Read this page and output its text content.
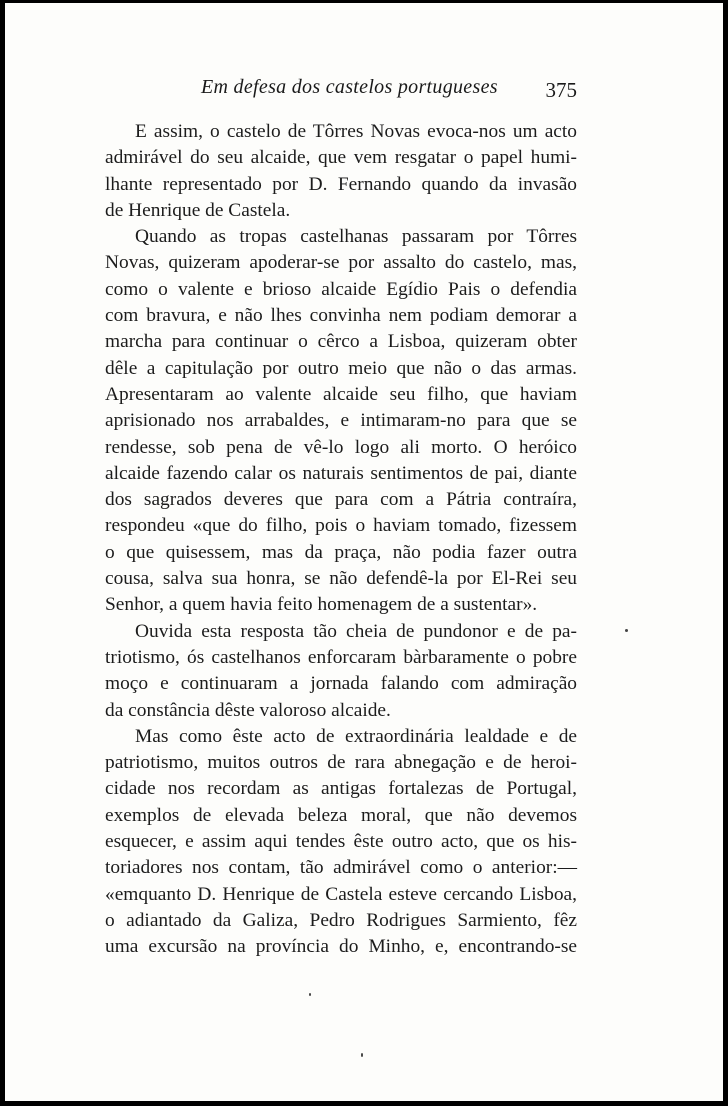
Em defesa dos castelos portugueses 375
E assim, o castelo de Tôrres Novas evoca-nos um acto
admirável do seu alcaide, que vem resgatar o papel humi-
lhante representado por D. Fernando quando da invasão
de Henrique de Castela.
Quando as tropas castelhanas passaram por Tôrres
Novas, quizeram apoderar-se por assalto do castelo, mas,
como o valente e brioso alcaide Egídio Pais o defendia
com bravura, e não lhes convinha nem podiam demorar a
marcha para continuar o cêrco a Lisboa, quizeram obter
dêle a capitulação por outro meio que não o das armas.
Apresentaram ao valente alcaide seu filho, que haviam
aprisionado nos arrabaldes, e intimaram-no para que se
rendesse, sob pena de vê-lo logo ali morto. O heróico
alcaide fazendo calar os naturais sentimentos de pai, diante
dos sagrados deveres que para com a Pátria contraíra,
respondeu «que do filho, pois o haviam tomado, fizessem
o que quisessem, mas da praça, não podia fazer outra
cousa, salva sua honra, se não defendê-la por El-Rei seu
Senhor, a quem havia feito homenagem de a sustentar».
Ouvida esta resposta tão cheia de pundonor e de pa-
triotismo, ós castelhanos enforcaram bàrbaramente o pobre
moço e continuaram a jornada falando com admiração
da constância dêste valoroso alcaide.
Mas como êste acto de extraordinária lealdade e de
patriotismo, muitos outros de rara abnegação e de heroi-
cidade nos recordam as antigas fortalezas de Portugal,
exemplos de elevada beleza moral, que não devemos
esquecer, e assim aqui tendes êste outro acto, que os his-
toriadores nos contam, tão admirável como o anterior:—
«emquanto D. Henrique de Castela esteve cercando Lisboa,
o adiantado da Galiza, Pedro Rodrigues Sarmiento, fêz
uma excursão na província do Minho, e, encontrando-se
